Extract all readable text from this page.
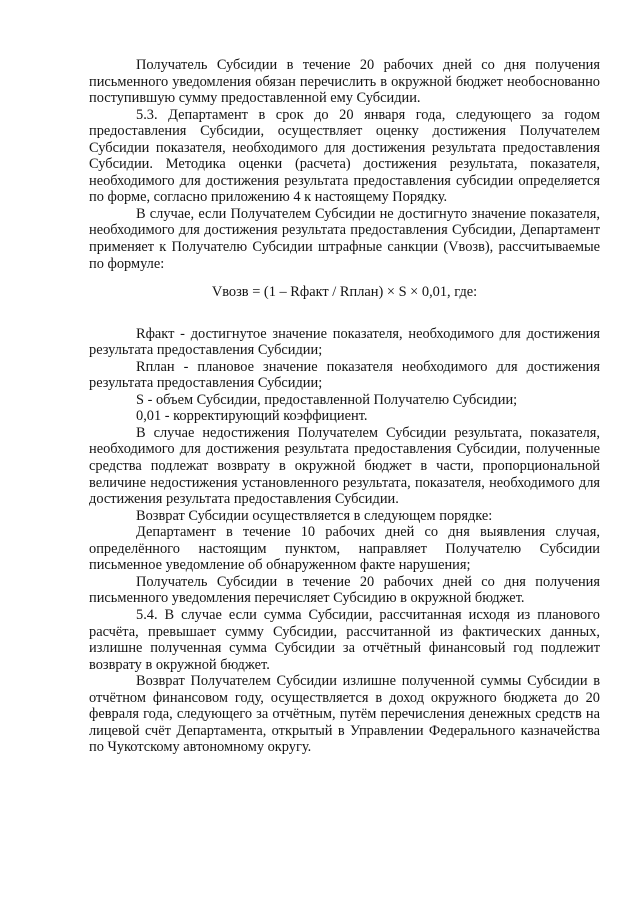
Получатель Субсидии в течение 20 рабочих дней со дня получения письменного уведомления обязан перечислить в окружной бюджет необоснованно поступившую сумму предоставленной ему Субсидии.

5.3. Департамент в срок до 20 января года, следующего за годом предоставления Субсидии, осуществляет оценку достижения Получателем Субсидии показателя, необходимого для достижения результата предоставления Субсидии. Методика оценки (расчета) достижения результата, показателя, необходимого для достижения результата предоставления субсидии определяется по форме, согласно приложению 4 к настоящему Порядку.

В случае, если Получателем Субсидии не достигнуто значение показателя, необходимого для достижения результата предоставления Субсидии, Департамент применяет к Получателю Субсидии штрафные санкции (Vвозв), рассчитываемые по формуле:

Vвозв = (1 – Rфакт / Rплан) × S × 0,01, где:

Rфакт - достигнутое значение показателя, необходимого для достижения результата предоставления Субсидии;

Rплан - плановое значение показателя необходимого для достижения результата предоставления Субсидии;

S - объем Субсидии, предоставленной Получателю Субсидии;

0,01 - корректирующий коэффициент.

В случае недостижения Получателем Субсидии результата, показателя, необходимого для достижения результата предоставления Субсидии, полученные средства подлежат возврату в окружной бюджет в части, пропорциональной величине недостижения установленного результата, показателя, необходимого для достижения результата предоставления Субсидии.

Возврат Субсидии осуществляется в следующем порядке:

Департамент в течение 10 рабочих дней со дня выявления случая, определённого настоящим пунктом, направляет Получателю Субсидии письменное уведомление об обнаруженном факте нарушения;

Получатель Субсидии в течение 20 рабочих дней со дня получения письменного уведомления перечисляет Субсидию в окружной бюджет.

5.4. В случае если сумма Субсидии, рассчитанная исходя из планового расчёта, превышает сумму Субсидии, рассчитанной из фактических данных, излишне полученная сумма Субсидии за отчётный финансовый год подлежит возврату в окружной бюджет.

Возврат Получателем Субсидии излишне полученной суммы Субсидии в отчётном финансовом году, осуществляется в доход окружного бюджета до 20 февраля года, следующего за отчётным, путём перечисления денежных средств на лицевой счёт Департамента, открытый в Управлении Федерального казначейства по Чукотскому автономному округу.
